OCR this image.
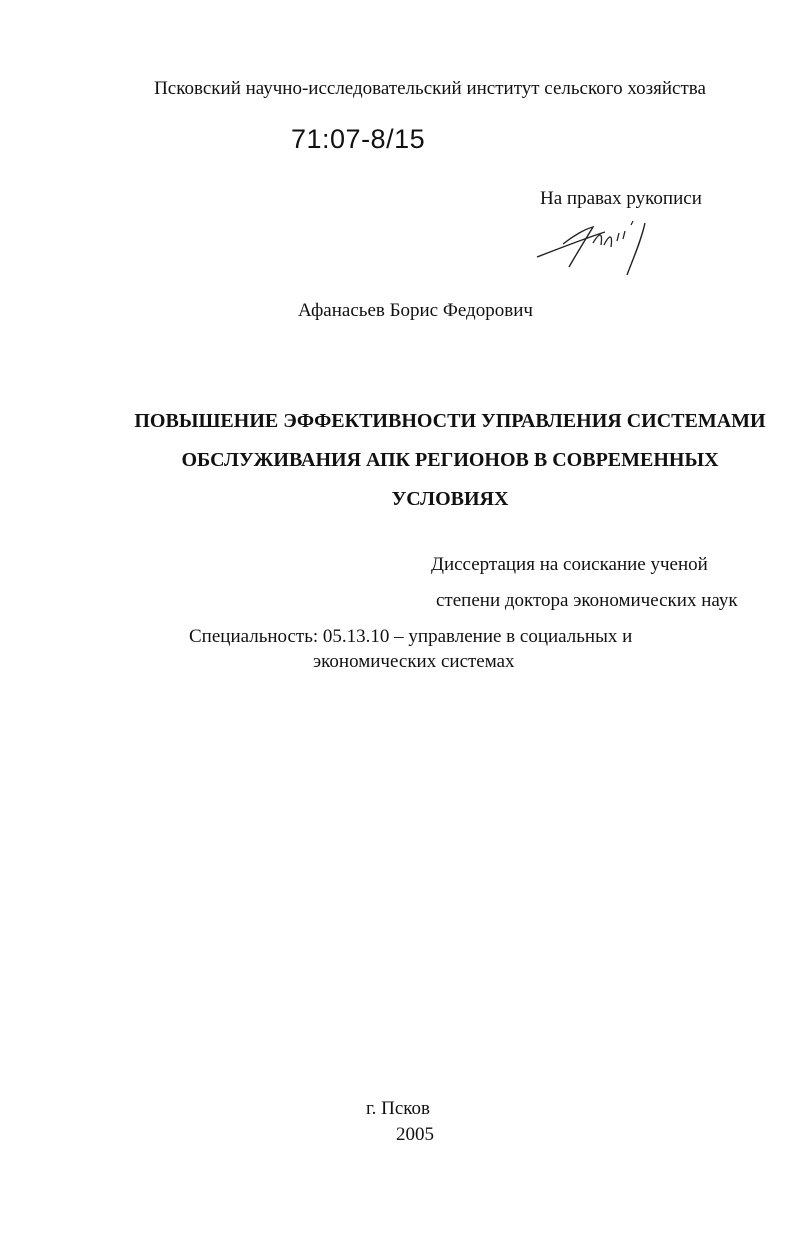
Псковский научно-исследовательский институт сельского хозяйства
71:07-8/15
На правах рукописи
Афанасьев Борис Федорович
ПОВЫШЕНИЕ ЭФФЕКТИВНОСТИ УПРАВЛЕНИЯ СИСТЕМАМИ
ОБСЛУЖИВАНИЯ АПК РЕГИОНОВ В СОВРЕМЕННЫХ
УСЛОВИЯХ
Диссертация на соискание ученой
степени доктора экономических наук
Специальность: 05.13.10 – управление в социальных и
экономических системах
г. Псков
2005
